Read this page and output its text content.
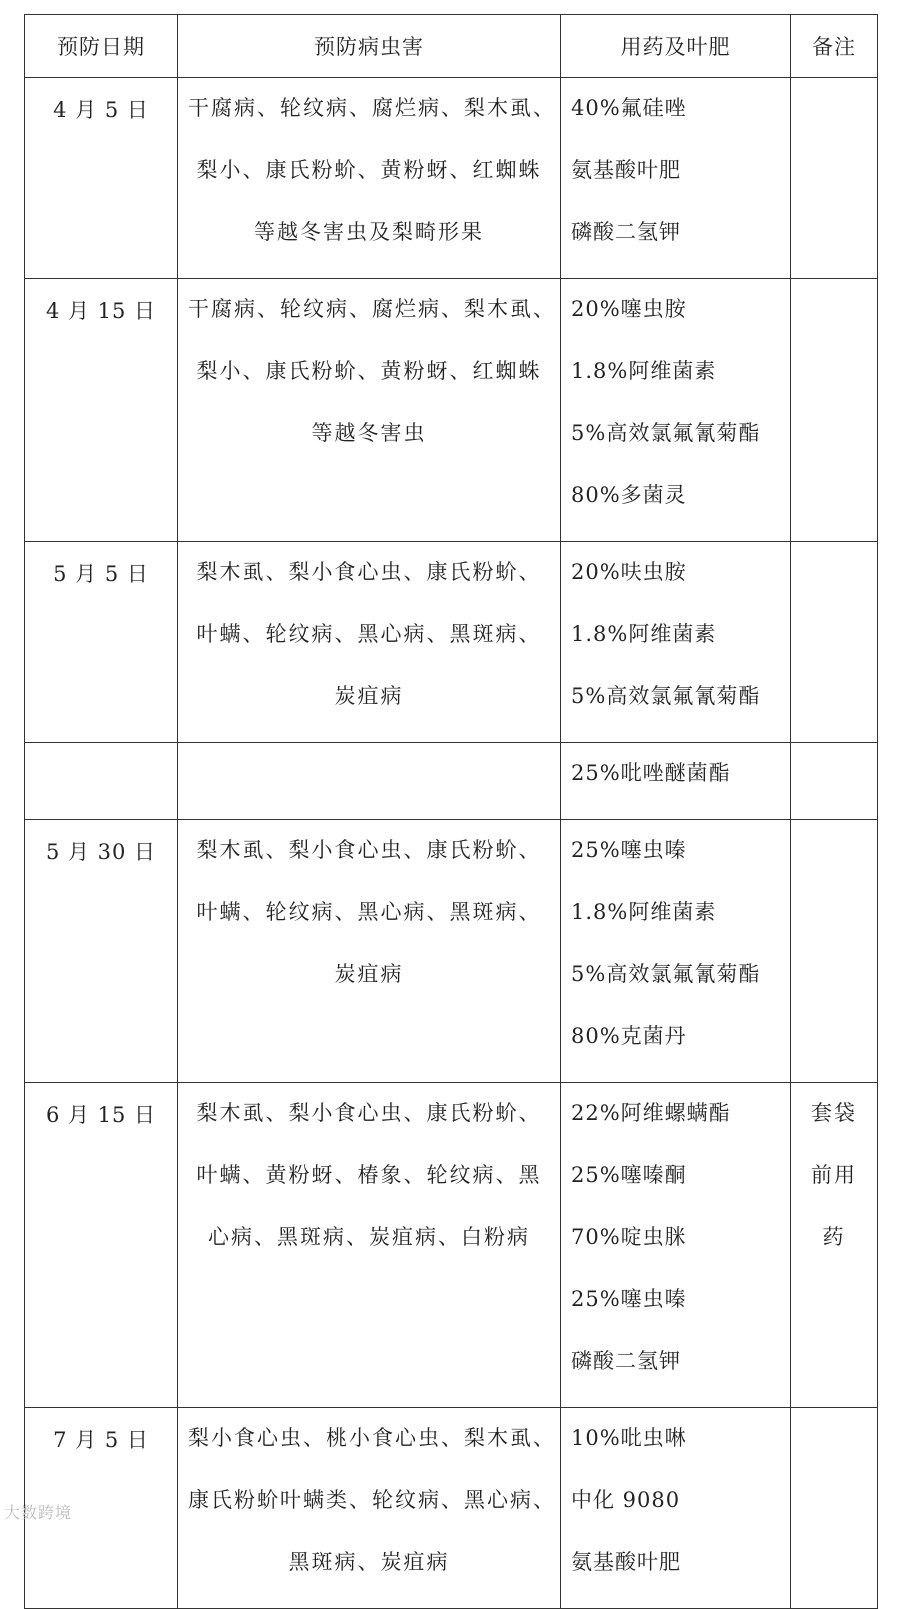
预防日期	预防病虫害	用药及叶肥	备注
4 月 5 日	干腐病、轮纹病、腐烂病、梨木虱、
梨小、康氏粉蚧、黄粉蚜、红蜘蛛
等越冬害虫及梨畸形果	40%氟硅唑
氨基酸叶肥
磷酸二氢钾	

4 月 15 日	干腐病、轮纹病、腐烂病、梨木虱、
梨小、康氏粉蚧、黄粉蚜、红蜘蛛
等越冬害虫	20%噻虫胺
1.8%阿维菌素
5%高效氯氟氰菊酯
80%多菌灵	

5 月 5 日	梨木虱、梨小食心虫、康氏粉蚧、
叶螨、轮纹病、黑心病、黑斑病、
炭疽病	20%呋虫胺
1.8%阿维菌素
5%高效氯氟氰菊酯	

		25%吡唑醚菌酯	

5 月 30 日	梨木虱、梨小食心虫、康氏粉蚧、
叶螨、轮纹病、黑心病、黑斑病、
炭疽病	25%噻虫嗪
1.8%阿维菌素
5%高效氯氟氰菊酯
80%克菌丹	

6 月 15 日	梨木虱、梨小食心虫、康氏粉蚧、
叶螨、黄粉蚜、椿象、轮纹病、黑
心病、黑斑病、炭疽病、白粉病	22%阿维螺螨酯
25%噻嗪酮
70%啶虫脒
25%噻虫嗪
磷酸二氢钾	套袋
前用
药

7 月 5 日	梨小食心虫、桃小食心虫、梨木虱、
康氏粉蚧叶螨类、轮纹病、黑心病、
黑斑病、炭疽病	10%吡虫啉
中化 9080
氨基酸叶肥	

大数跨境
